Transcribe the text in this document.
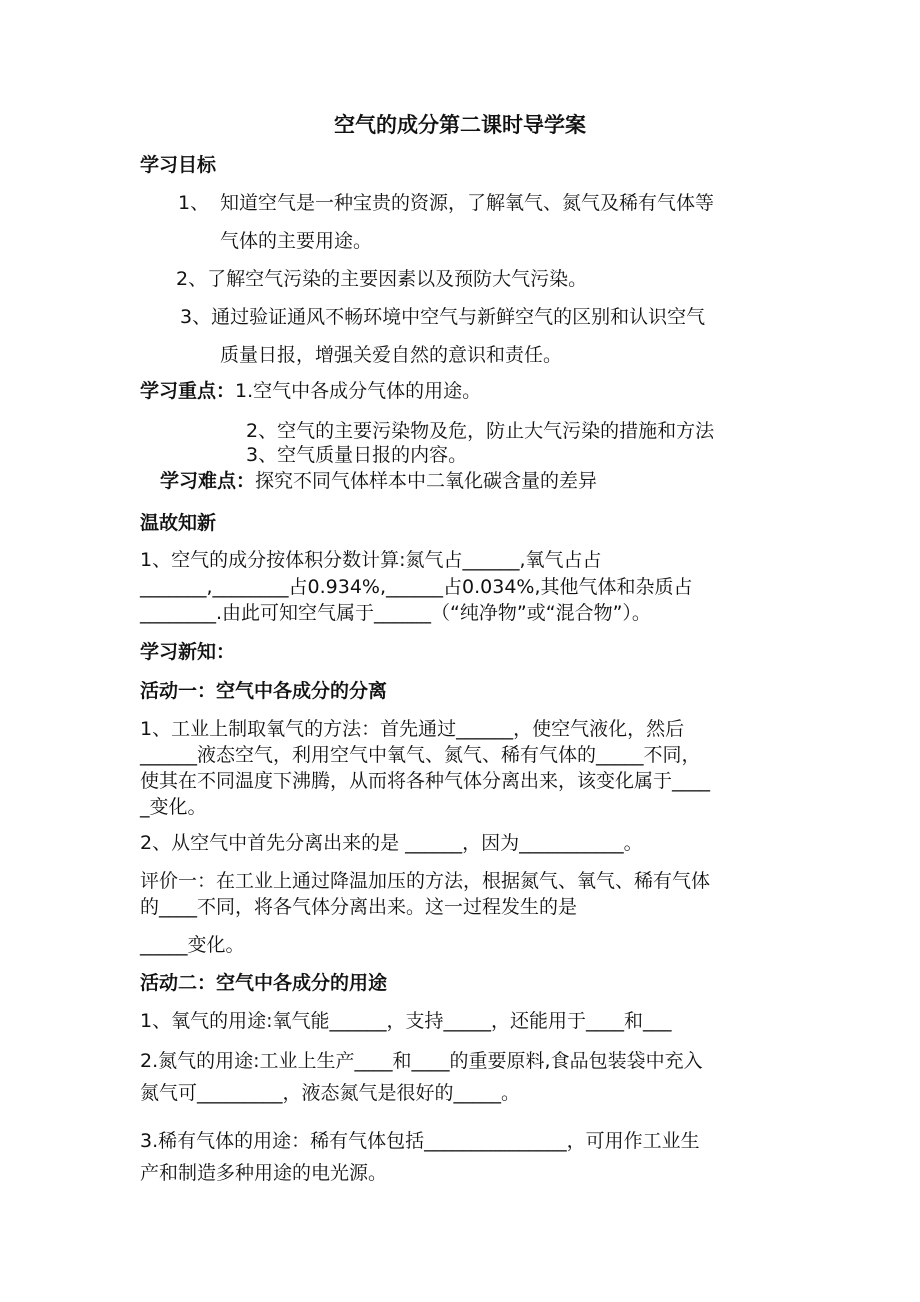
空气的成分第二课时导学案
学习目标
1、 知道空气是一种宝贵的资源，了解氧气、氮气及稀有气体等
气体的主要用途。
2、了解空气污染的主要因素以及预防大气污染。
3、通过验证通风不畅环境中空气与新鲜空气的区别和认识空气
质量日报，增强关爱自然的意识和责任。
学习重点：1.空气中各成分气体的用途。
2、空气的主要污染物及危，防止大气污染的措施和方法
3、空气质量日报的内容。
学习难点：探究不同气体样本中二氧化碳含量的差异
温故知新
1、空气的成分按体积分数计算:氮气占______,氧气占占
_______,________占0.934%,______占0.034%,其他气体和杂质占
________.由此可知空气属于______（“纯净物”或“混合物”）。
学习新知：
活动一：空气中各成分的分离
1、工业上制取氧气的方法：首先通过______，使空气液化，然后
______液态空气，利用空气中氧气、氮气、稀有气体的_____不同，
使其在不同温度下沸腾，从而将各种气体分离出来，该变化属于____
_变化。
2、从空气中首先分离出来的是 ______，因为___________。
评价一：在工业上通过降温加压的方法，根据氮气、氧气、稀有气体
的____不同，将各气体分离出来。这一过程发生的是
_____变化。
活动二：空气中各成分的用途
1、氧气的用途:氧气能______，支持_____，还能用于____和___
2.氮气的用途:工业上生产____和____的重要原料,食品包装袋中充入
氮气可_________，液态氮气是很好的_____。
3.稀有气体的用途：稀有气体包括_______________，可用作工业生
产和制造多种用途的电光源。
